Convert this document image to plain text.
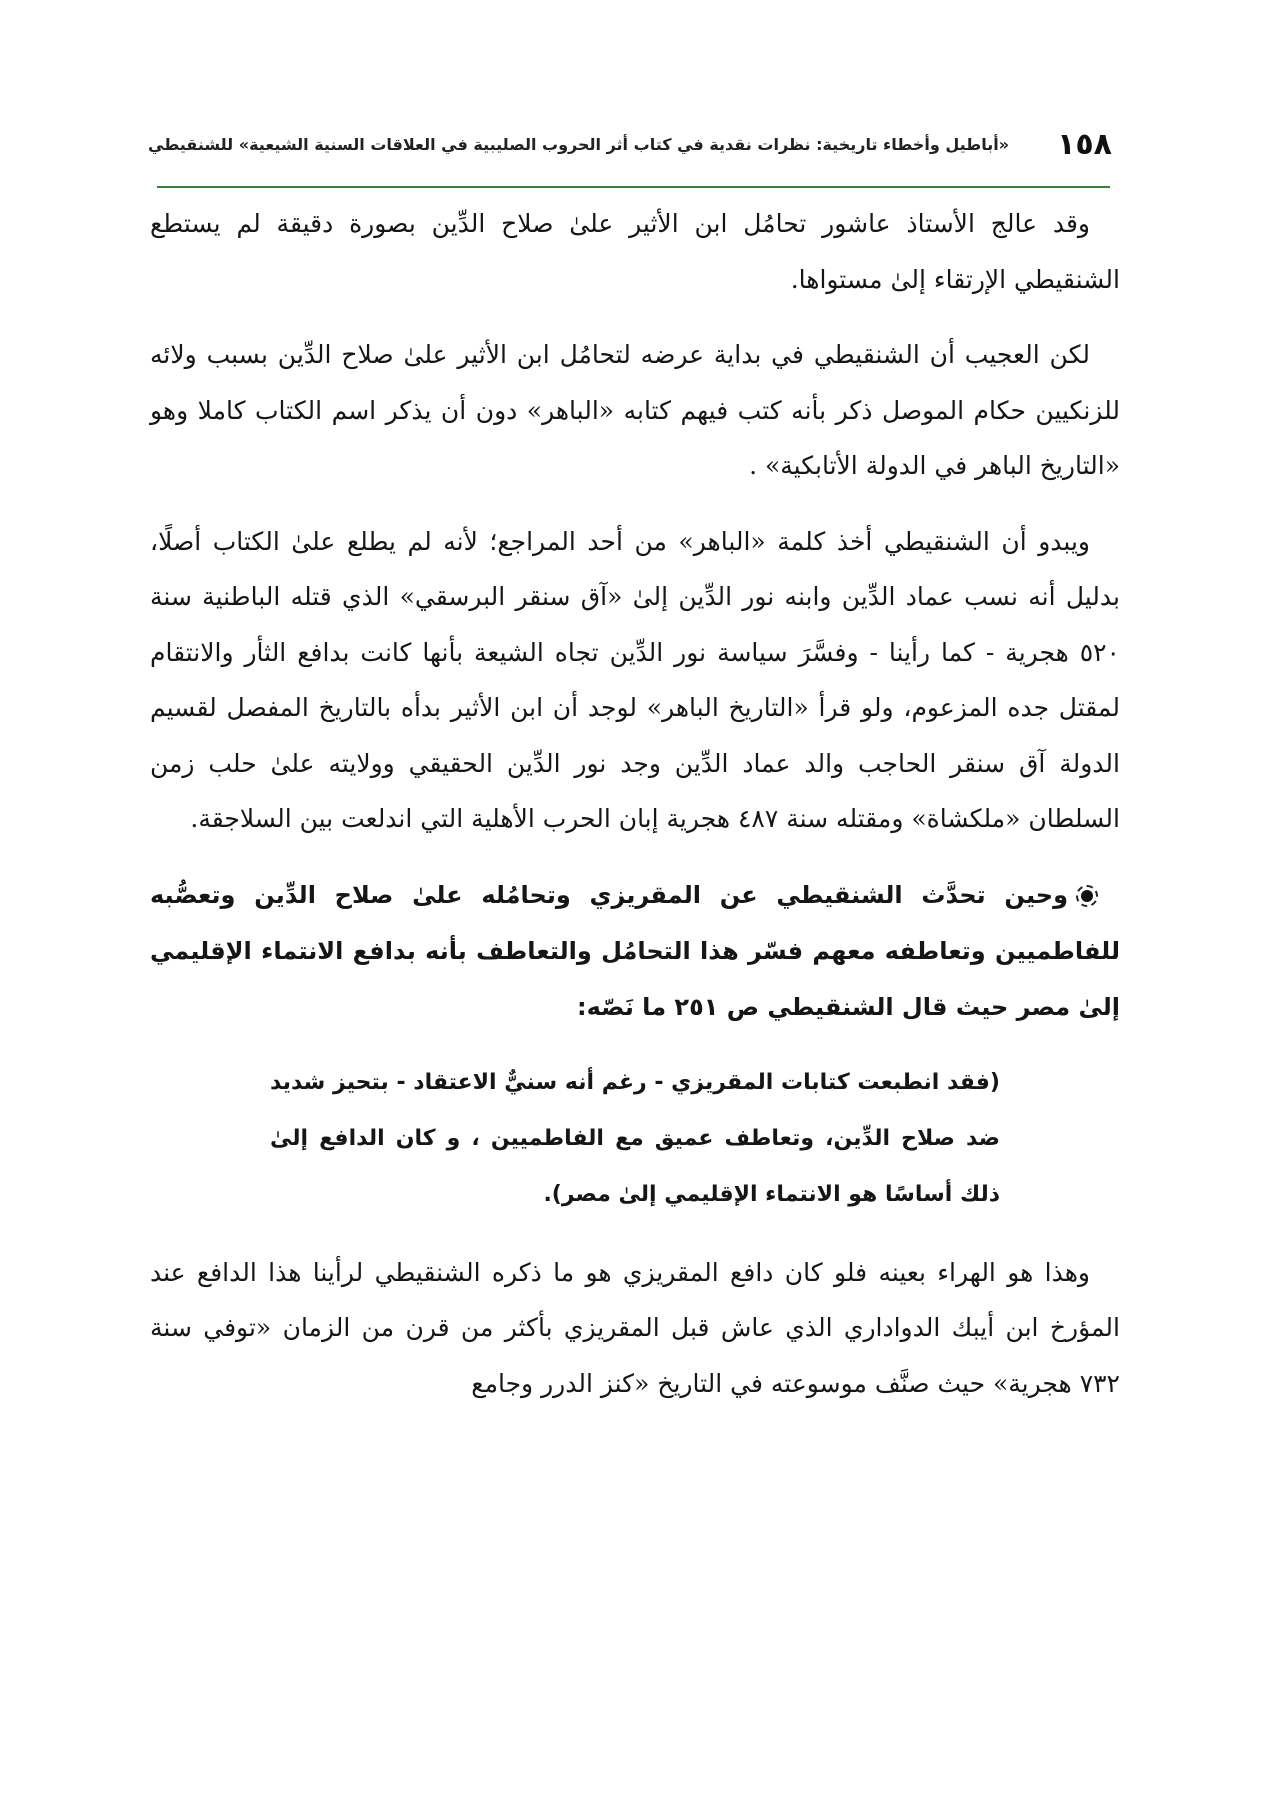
١٥٨
«أباطيل وأخطاء تاريخية: نظرات نقدية في كتاب أثر الحروب الصليبية في العلاقات السنية الشيعية» للشنقيطي

وقد عالج الأستاذ عاشور تحامُل ابن الأثير علىٰ صلاح الدِّين بصورة دقيقة لم يستطع الشنقيطي الإرتقاء إلىٰ مستواها.

لكن العجيب أن الشنقيطي في بداية عرضه لتحامُل ابن الأثير علىٰ صلاح الدِّين بسبب ولائه للزنكيين حكام الموصل ذكر بأنه كتب فيهم كتابه «الباهر» دون أن يذكر اسم الكتاب كاملا وهو «التاريخ الباهر في الدولة الأتابكية» .

ويبدو أن الشنقيطي أخذ كلمة «الباهر» من أحد المراجع؛ لأنه لم يطلع علىٰ الكتاب أصلًا، بدليل أنه نسب عماد الدِّين وابنه نور الدِّين إلىٰ «آق سنقر البرسقي» الذي قتله الباطنية سنة ٥٢٠ هجرية - كما رأينا - وفسَّرَ سياسة نور الدِّين تجاه الشيعة بأنها كانت بدافع الثأر والانتقام لمقتل جده المزعوم، ولو قرأ «التاريخ الباهر» لوجد أن ابن الأثير بدأه بالتاريخ المفصل لقسيم الدولة آق سنقر الحاجب والد عماد الدِّين وجد نور الدِّين الحقيقي وولايته علىٰ حلب زمن السلطان «ملكشاة» ومقتله سنة ٤٨٧ هجرية إبان الحرب الأهلية التي اندلعت بين السلاجقة.

وحين تحدَّث الشنقيطي عن المقريزي وتحامُله علىٰ صلاح الدِّين وتعصُّبه للفاطميين وتعاطفه معهم فسّر هذا التحامُل والتعاطف بأنه بدافع الانتماء الإقليمي إلىٰ مصر حيث قال الشنقيطي ص ٢٥١ ما نَصّه:

(فقد انطبعت كتابات المقريزي - رغم أنه سنيٌّ الاعتقاد - بتحيز شديد ضد صلاح الدِّين، وتعاطف عميق مع الفاطميين ، و كان الدافع إلىٰ ذلك أساسًا هو الانتماء الإقليمي إلىٰ مصر).

وهذا هو الهراء بعينه فلو كان دافع المقريزي هو ما ذكره الشنقيطي لرأينا هذا الدافع عند المؤرخ ابن أيبك الدواداري الذي عاش قبل المقريزي بأكثر من قرن من الزمان «توفي سنة ٧٣٢ هجرية» حيث صنَّف موسوعته في التاريخ «كنز الدرر وجامع
